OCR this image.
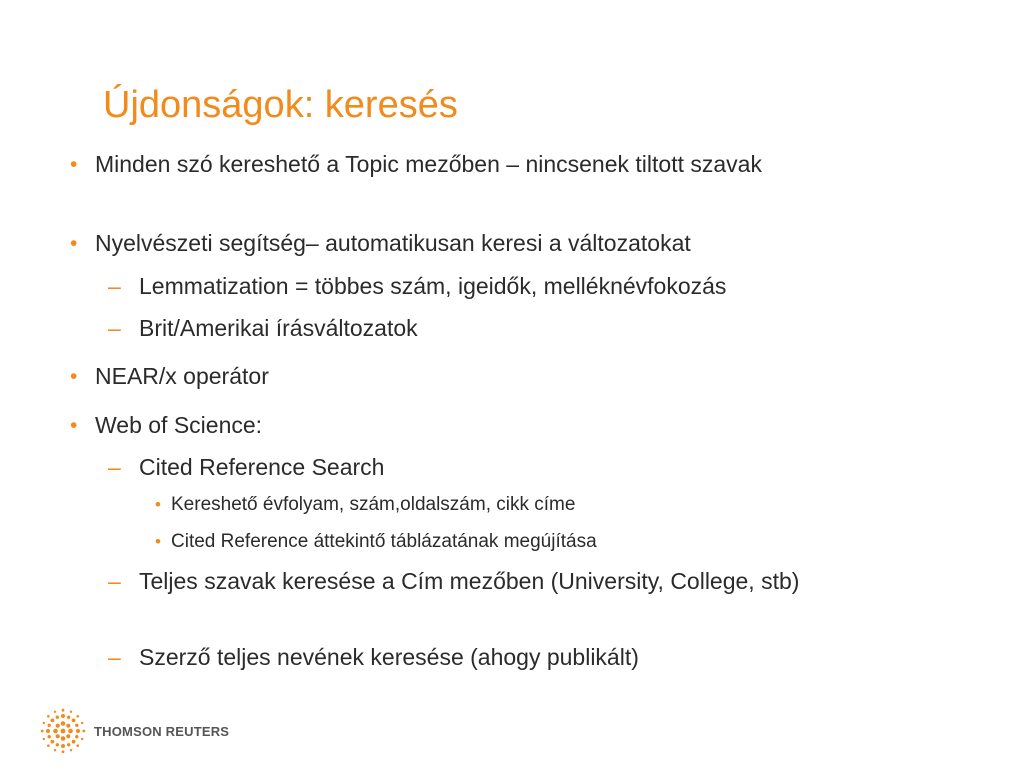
Újdonságok: keresés
• Minden szó kereshető a Topic mezőben – nincsenek tiltott szavak
• Nyelvészeti segítség– automatikusan keresi a változatokat
– Lemmatization = többes szám, igeidők, melléknévfokozás
– Brit/Amerikai írásváltozatok
• NEAR/x operátor
• Web of Science:
– Cited Reference Search
• Kereshető évfolyam, szám,oldalszám, cikk címe
• Cited Reference áttekintő táblázatának megújítása
– Teljes szavak keresése a Cím mezőben (University, College, stb)
– Szerző teljes nevének keresése (ahogy publikált)
THOMSON REUTERS
